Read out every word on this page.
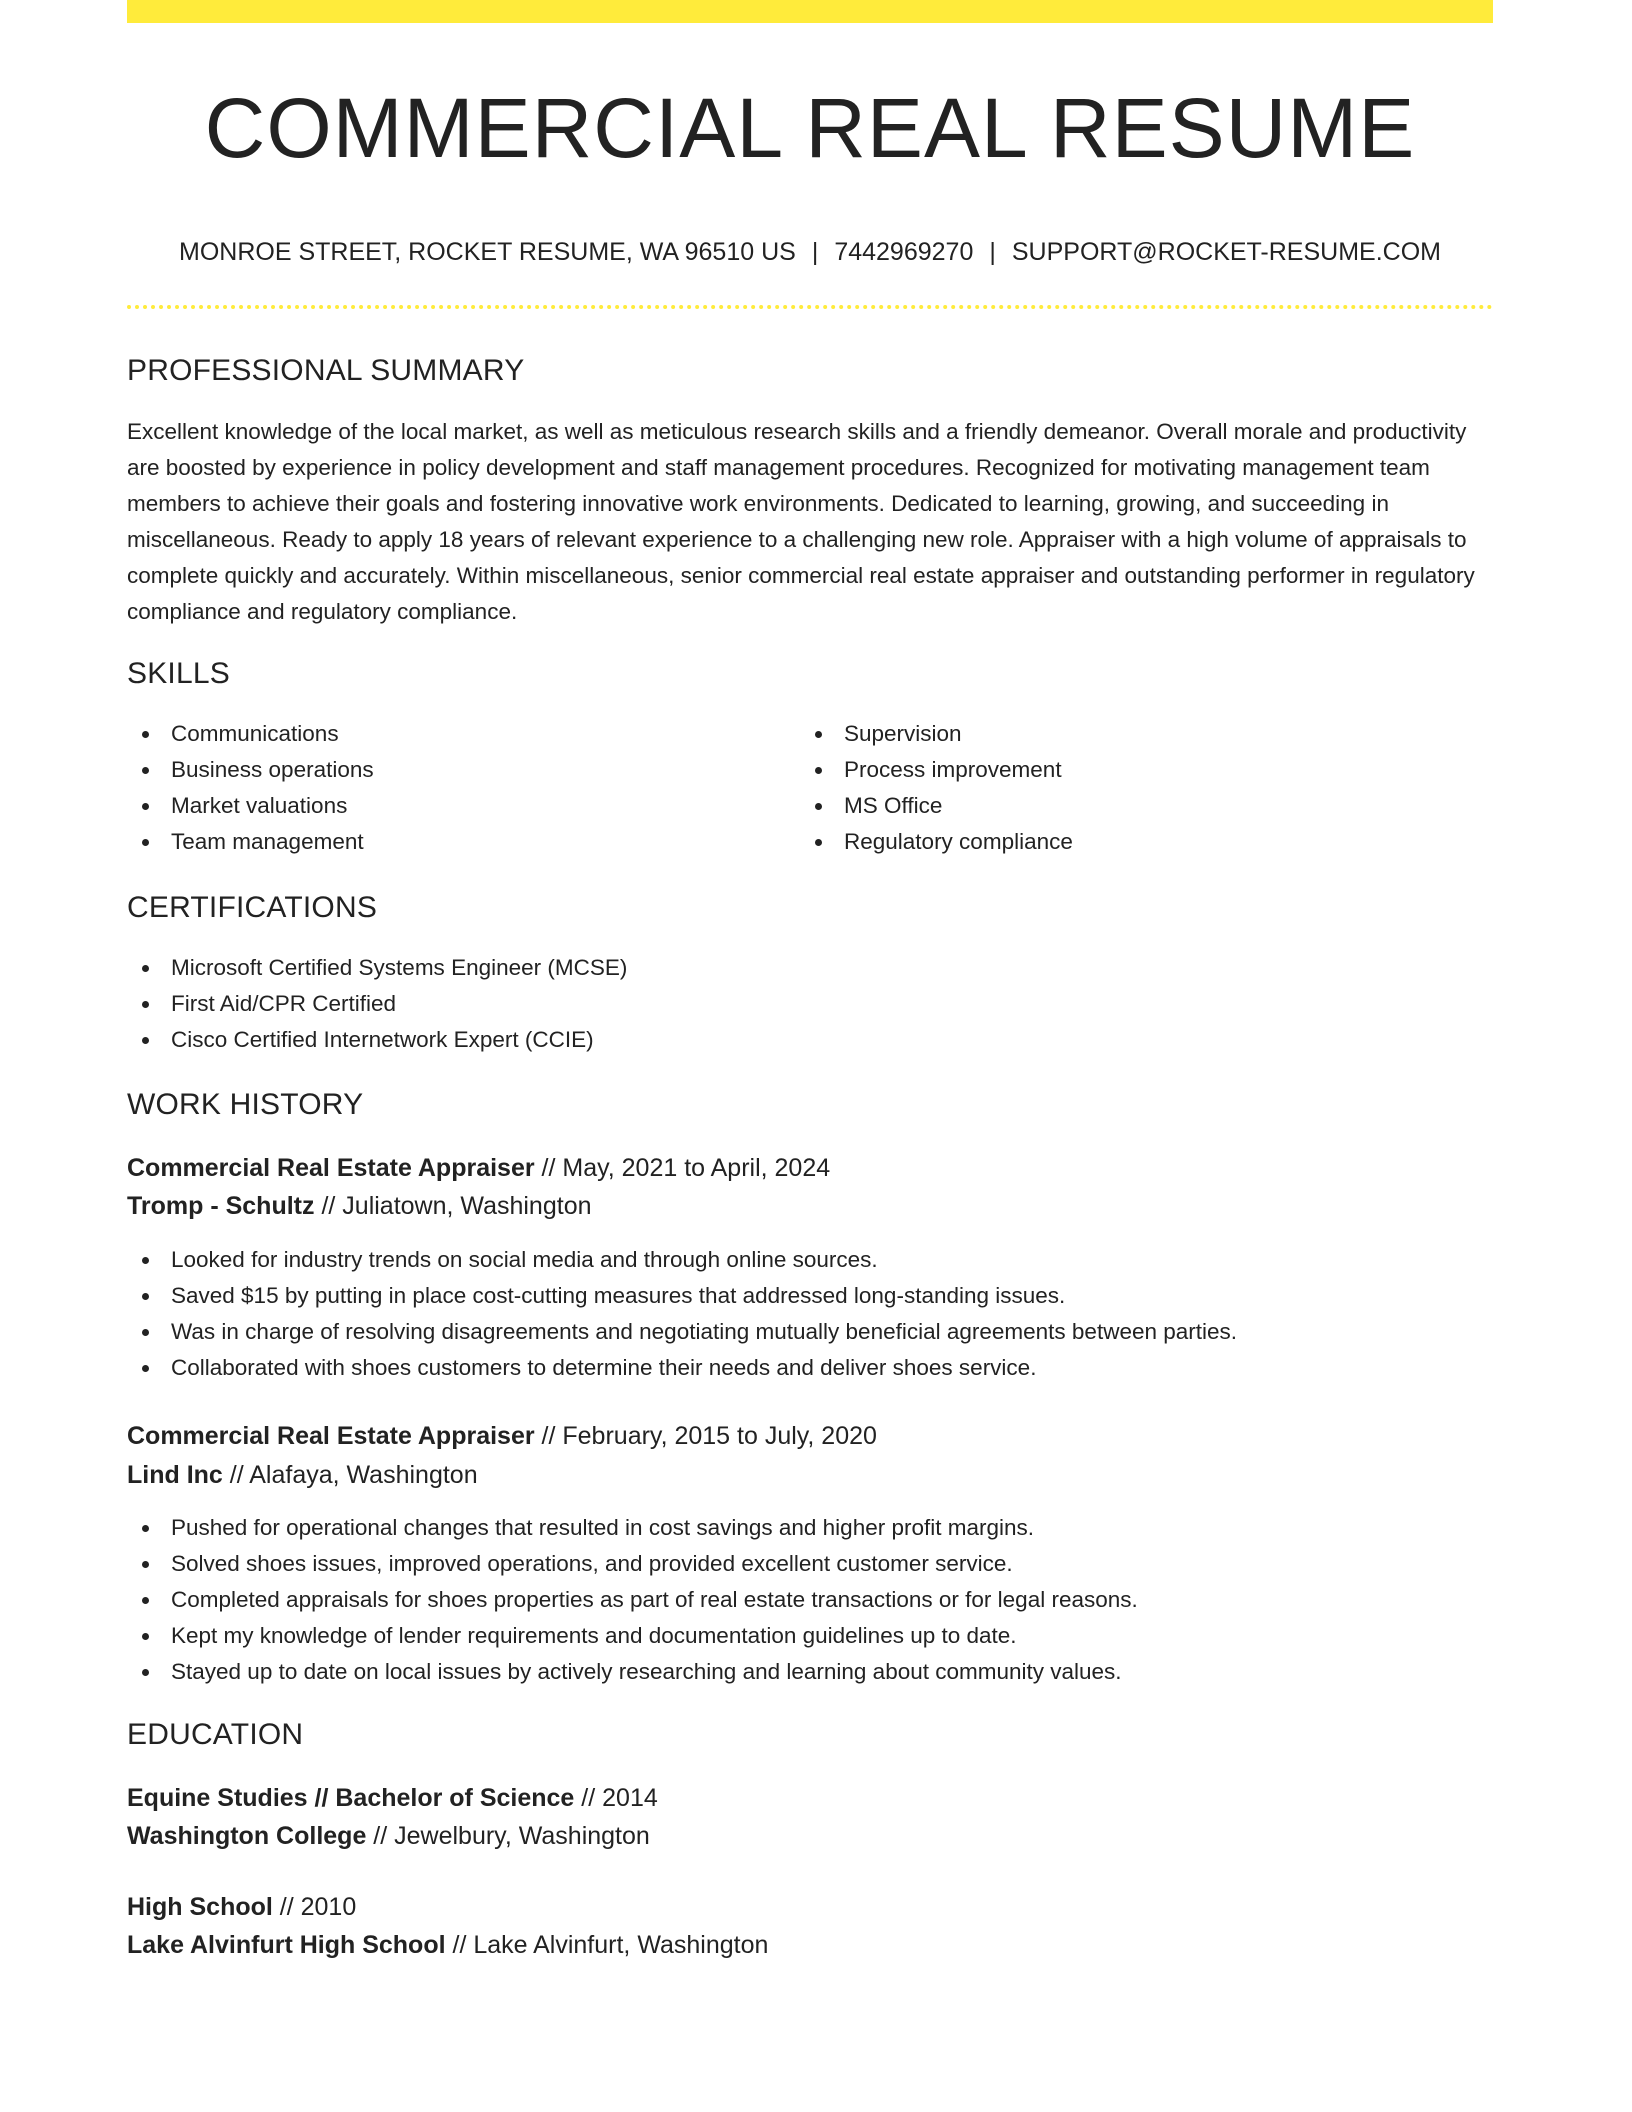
COMMERCIAL REAL RESUME
MONROE STREET, ROCKET RESUME, WA 96510 US | 7442969270 | SUPPORT@ROCKET-RESUME.COM
PROFESSIONAL SUMMARY

Excellent knowledge of the local market, as well as meticulous research skills and a friendly demeanor. Overall morale and productivity are boosted by experience in policy development and staff management procedures. Recognized for motivating management team members to achieve their goals and fostering innovative work environments. Dedicated to learning, growing, and succeeding in miscellaneous. Ready to apply 18 years of relevant experience to a challenging new role. Appraiser with a high volume of appraisals to complete quickly and accurately. Within miscellaneous, senior commercial real estate appraiser and outstanding performer in regulatory compliance and regulatory compliance.

SKILLS
Communications
Business operations
Market valuations
Team management
Supervision
Process improvement
MS Office
Regulatory compliance
CERTIFICATIONS
Microsoft Certified Systems Engineer (MCSE)
First Aid/CPR Certified
Cisco Certified Internetwork Expert (CCIE)
WORK HISTORY
Commercial Real Estate Appraiser // May, 2021 to April, 2024
Tromp - Schultz // Juliatown, Washington
Looked for industry trends on social media and through online sources.
Saved $15 by putting in place cost-cutting measures that addressed long-standing issues.
Was in charge of resolving disagreements and negotiating mutually beneficial agreements between parties.
Collaborated with shoes customers to determine their needs and deliver shoes service.
Commercial Real Estate Appraiser // February, 2015 to July, 2020
Lind Inc // Alafaya, Washington
Pushed for operational changes that resulted in cost savings and higher profit margins.
Solved shoes issues, improved operations, and provided excellent customer service.
Completed appraisals for shoes properties as part of real estate transactions or for legal reasons.
Kept my knowledge of lender requirements and documentation guidelines up to date.
Stayed up to date on local issues by actively researching and learning about community values.
EDUCATION
Equine Studies // Bachelor of Science // 2014
Washington College // Jewelbury, Washington
High School // 2010
Lake Alvinfurt High School // Lake Alvinfurt, Washington
